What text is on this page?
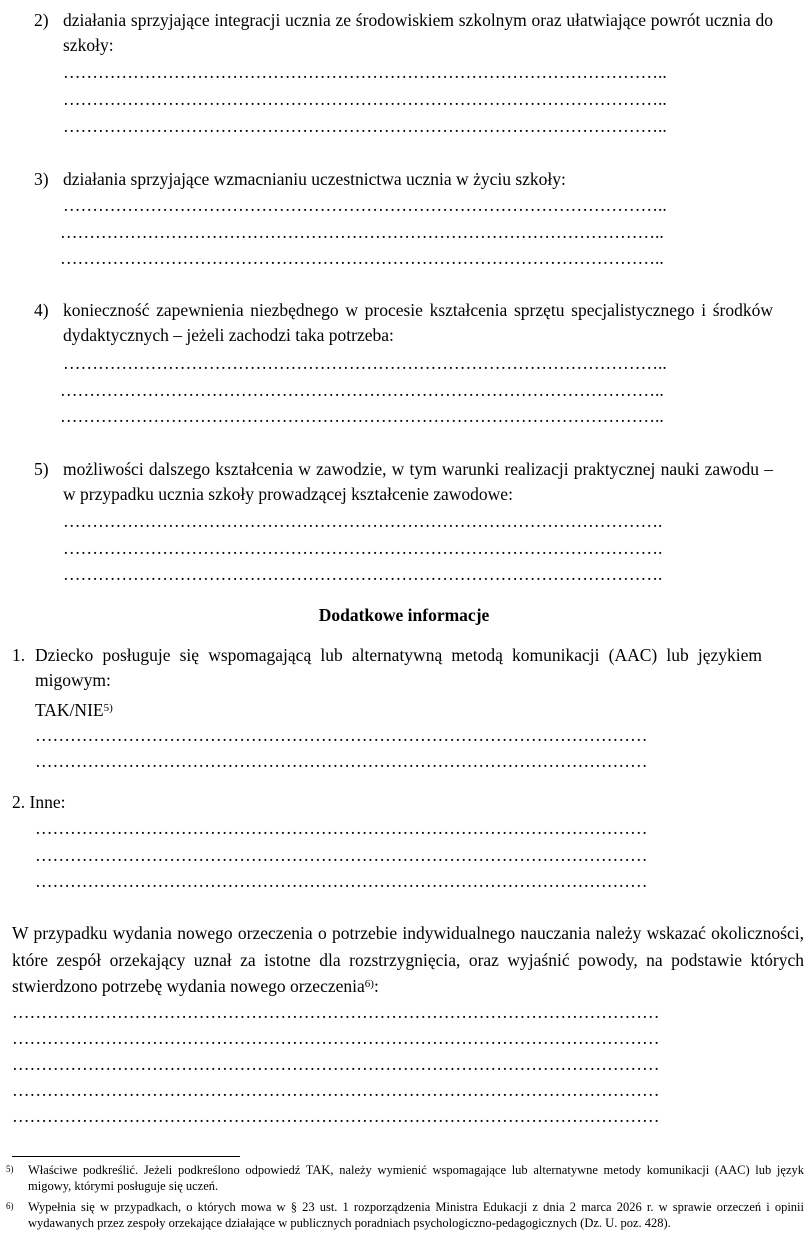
2) działania sprzyjające integracji ucznia ze środowiskiem szkolnym oraz ułatwiające powrót ucznia do szkoły:
…………………………………………………………………………………………..
…………………………………………………………………………………………..
…………………………………………………………………………………………..
3) działania sprzyjające wzmacnianiu uczestnictwa ucznia w życiu szkoły:
…………………………………………………………………………………………..
…………………………………………………………………………………………..
…………………………………………………………………………………………..
4) konieczność zapewnienia niezbędnego w procesie kształcenia sprzętu specjalistycznego i środków dydaktycznych – jeżeli zachodzi taka potrzeba:
…………………………………………………………………………………………..
…………………………………………………………………………………………..
…………………………………………………………………………………………..
5) możliwości dalszego kształcenia w zawodzie, w tym warunki realizacji praktycznej nauki zawodu – w przypadku ucznia szkoły prowadzącej kształcenie zawodowe:
………………………………………………………………………………………….
………………………………………………………………………………………….
………………………………………………………………………………………….
Dodatkowe informacje
1. Dziecko posługuje się wspomagającą lub alternatywną metodą komunikacji (AAC) lub językiem migowym:
TAK/NIE$^{5)}$
……………………………………………………………………………………………
……………………………………………………………………………………………
2. Inne:
……………………………………………………………………………………………
……………………………………………………………………………………………
……………………………………………………………………………………………
W przypadku wydania nowego orzeczenia o potrzebie indywidualnego nauczania należy wskazać okoliczności, które zespół orzekający uznał za istotne dla rozstrzygnięcia, oraz wyjaśnić powody, na podstawie których stwierdzono potrzebę wydania nowego orzeczenia$^{6)}$:
…………………………………………………………………………………………………
…………………………………………………………………………………………………
…………………………………………………………………………………………………
…………………………………………………………………………………………………
…………………………………………………………………………………………………
5) Właściwe podkreślić. Jeżeli podkreślono odpowiedź TAK, należy wymienić wspomagające lub alternatywne metody komunikacji (AAC) lub język migowy, którymi posługuje się uczeń.
6) Wypełnia się w przypadkach, o których mowa w § 23 ust. 1 rozporządzenia Ministra Edukacji z dnia 2 marca 2026 r. w sprawie orzeczeń i opinii wydawanych przez zespoły orzekające działające w publicznych poradniach psychologiczno-pedagogicznych (Dz. U. poz. 428).
